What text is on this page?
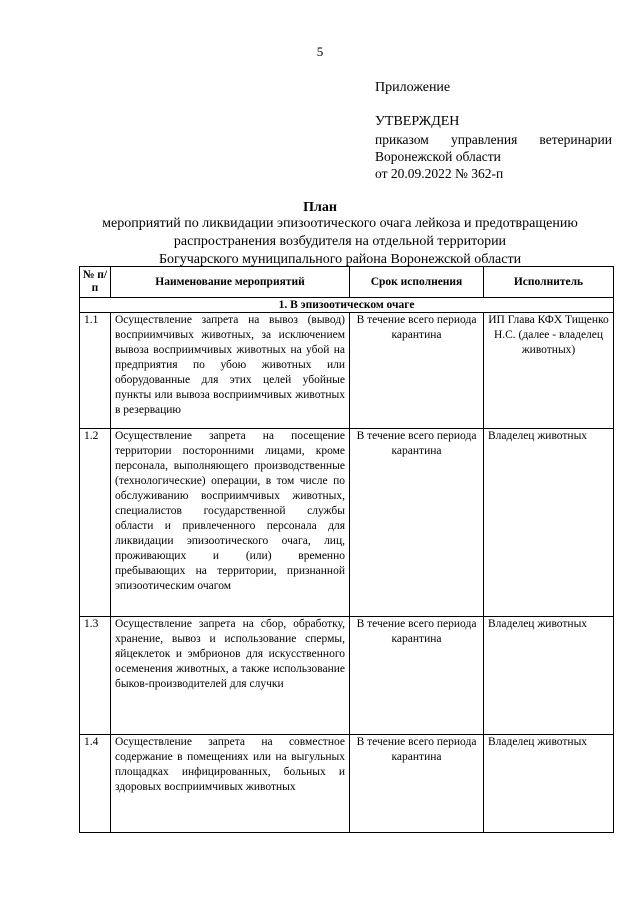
5
Приложение
УТВЕРЖДЕН
приказом управления ветеринарии
Воронежской области
от 20.09.2022 № 362-п
План
мероприятий по ликвидации эпизоотического очага лейкоза и предотвращению
распространения возбудителя на отдельной территории
Богучарского муниципального района Воронежской области
№ п/п	Наименование мероприятий	Срок исполнения	Исполнитель
1. В эпизоотическом очаге			
1.1	Осуществление запрета на вывоз (вывод) восприимчивых животных, за исключением вывоза восприимчивых животных на убой на предприятия по убою животных или оборудованные для этих целей убойные пункты или вывоза восприимчивых животных в резервацию	В течение всего периода карантина	ИП Глава КФХ Тищенко Н.С. (далее - владелец животных)
1.2	Осуществление запрета на посещение территории посторонними лицами, кроме персонала, выполняющего производственные (технологические) операции, в том числе по обслуживанию восприимчивых животных, специалистов государственной службы области и привлеченного персонала для ликвидации эпизоотического очага, лиц, проживающих и (или) временно пребывающих на территории, признанной эпизоотическим очагом	В течение всего периода карантина	Владелец животных
1.3	Осуществление запрета на сбор, обработку, хранение, вывоз и использование спермы, яйцеклеток и эмбрионов для искусственного осеменения животных, а также использование быков-производителей для случки	В течение всего периода карантина	Владелец животных
1.4	Осуществление запрета на совместное содержание в помещениях или на выгульных площадках инфицированных, больных и здоровых восприимчивых животных	В течение всего периода карантина	Владелец животных
